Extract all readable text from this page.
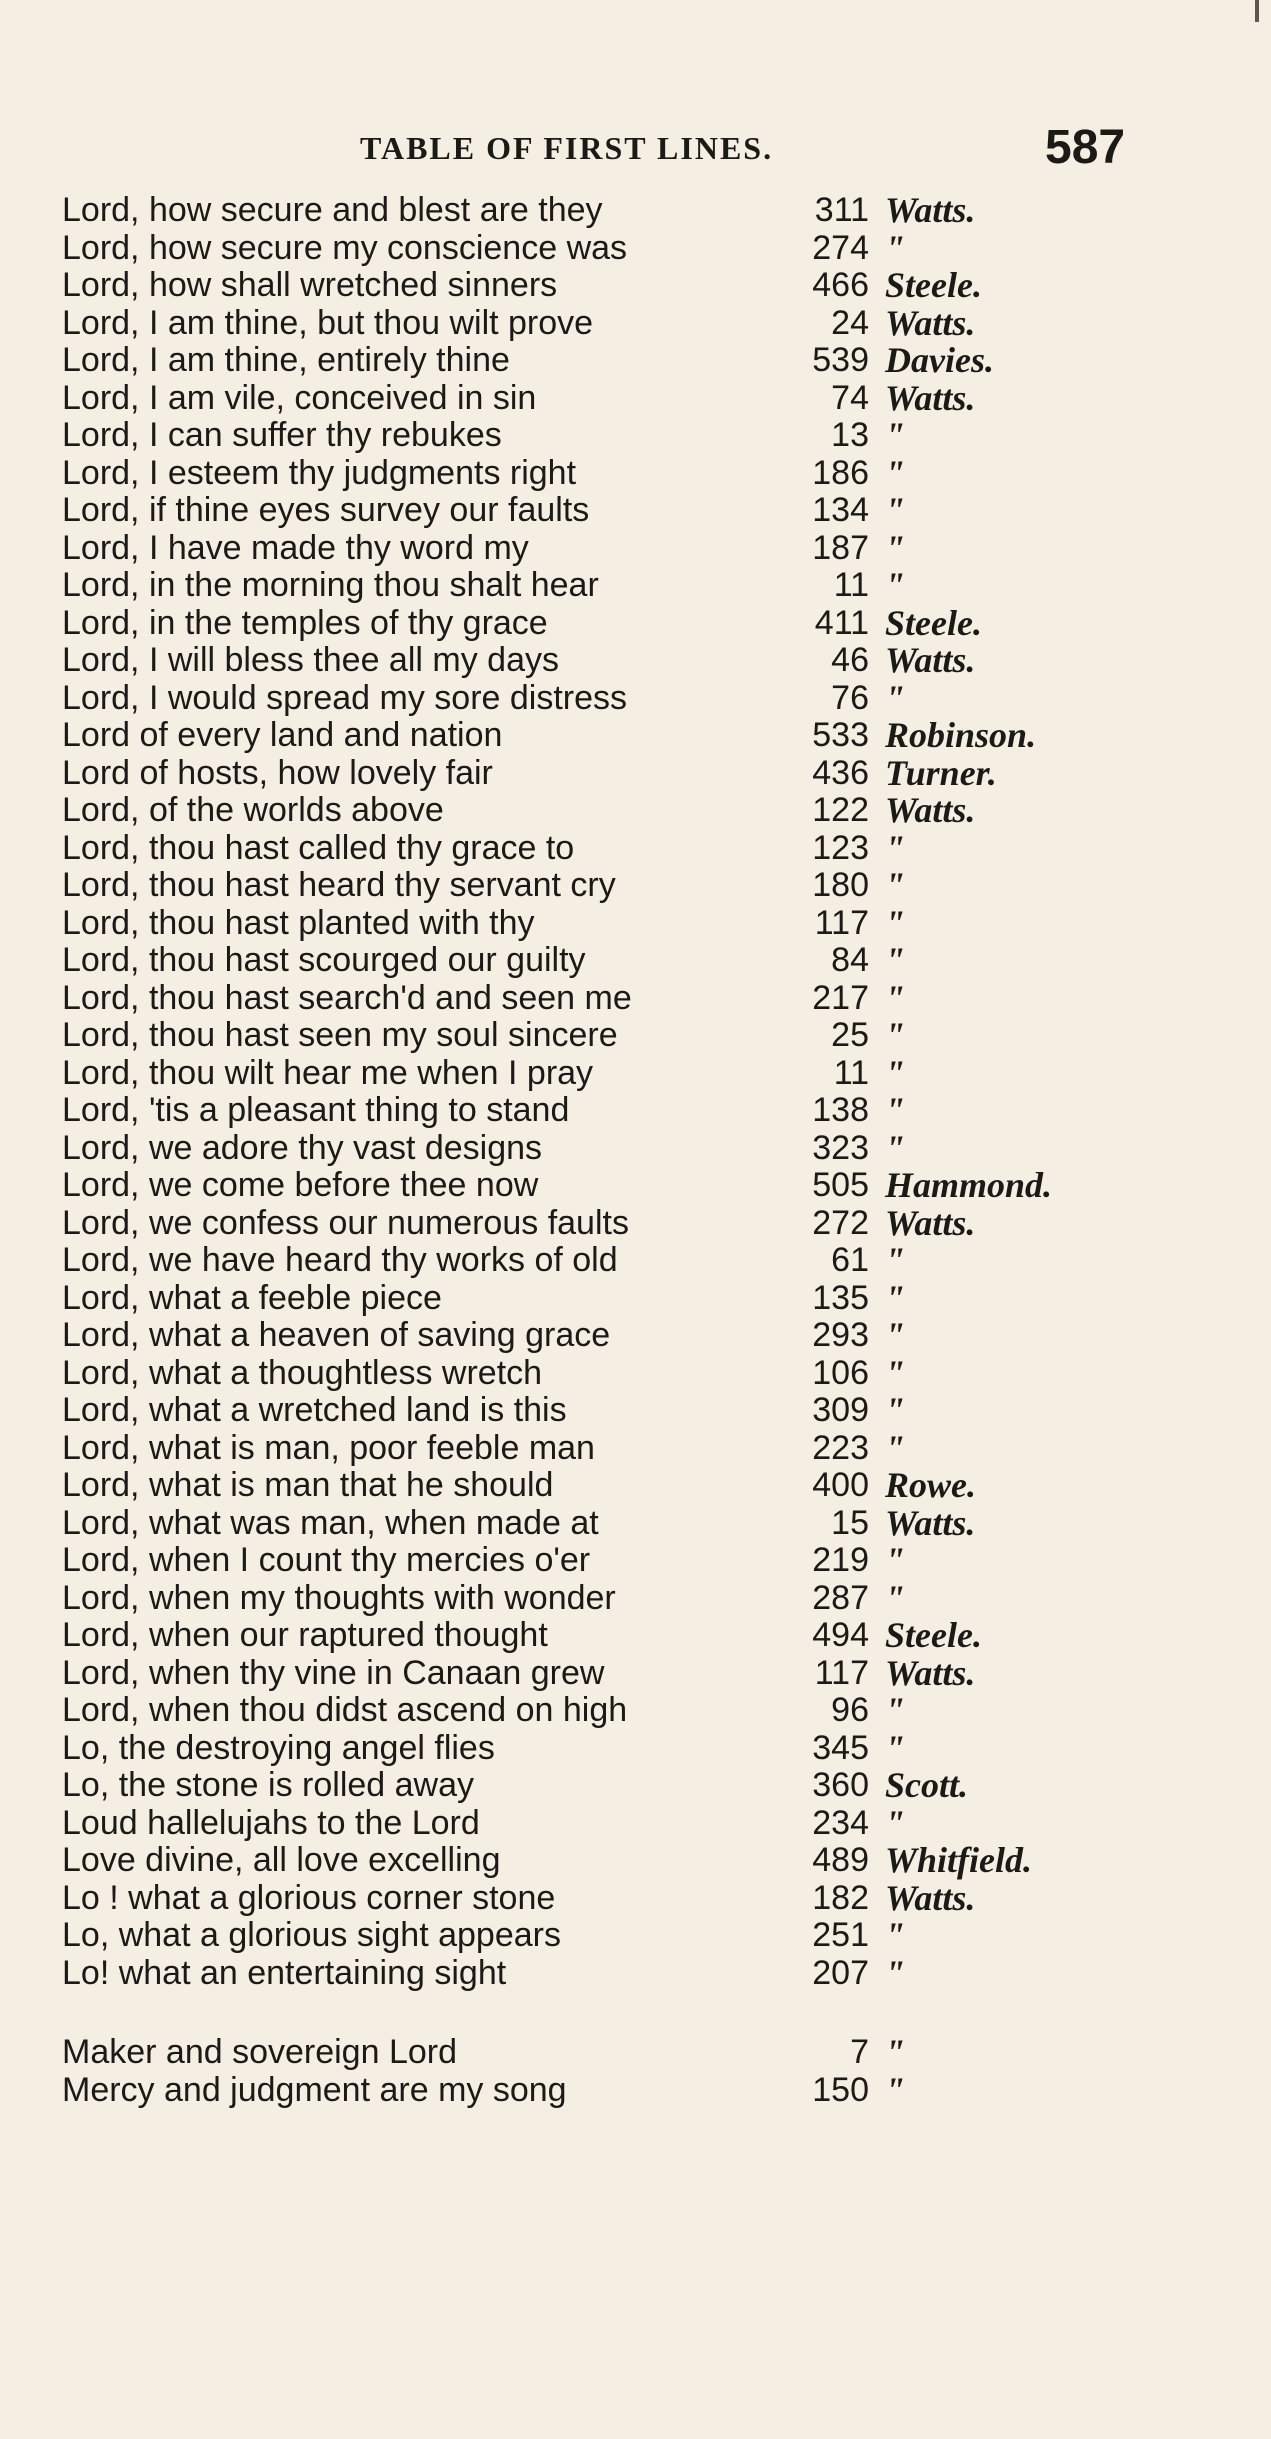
TABLE OF FIRST LINES.	587
Lord, how secure and blest are they	311 Watts.
Lord, how secure my conscience was	274 "
Lord, how shall wretched sinners	466 Steele.
Lord, I am thine, but thou wilt prove	24 Watts.
Lord, I am thine, entirely thine	539 Davies.
Lord, I am vile, conceived in sin	74 Watts.
Lord, I can suffer thy rebukes	13 "
Lord, I esteem thy judgments right	186 "
Lord, if thine eyes survey our faults	134 "
Lord, I have made thy word my	187 "
Lord, in the morning thou shalt hear	11 "
Lord, in the temples of thy grace	411 Steele.
Lord, I will bless thee all my days	46 Watts.
Lord, I would spread my sore distress	76 "
Lord of every land and nation	533 Robinson.
Lord of hosts, how lovely fair	436 Turner.
Lord, of the worlds above	122 Watts.
Lord, thou hast called thy grace to	123 "
Lord, thou hast heard thy servant cry	180 "
Lord, thou hast planted with thy	117 "
Lord, thou hast scourged our guilty	84 "
Lord, thou hast search'd and seen me	217 "
Lord, thou hast seen my soul sincere	25 "
Lord, thou wilt hear me when I pray	11 "
Lord, 'tis a pleasant thing to stand	138 "
Lord, we adore thy vast designs	323 "
Lord, we come before thee now	505 Hammond.
Lord, we confess our numerous faults	272 Watts.
Lord, we have heard thy works of old	61 "
Lord, what a feeble piece	135 "
Lord, what a heaven of saving grace	293 "
Lord, what a thoughtless wretch	106 "
Lord, what a wretched land is this	309 "
Lord, what is man, poor feeble man	223 "
Lord, what is man that he should	400 Rowe.
Lord, what was man, when made at	15 Watts.
Lord, when I count thy mercies o'er	219 "
Lord, when my thoughts with wonder	287 "
Lord, when our raptured thought	494 Steele.
Lord, when thy vine in Canaan grew	117 Watts.
Lord, when thou didst ascend on high	96 "
Lo, the destroying angel flies	345 "
Lo, the stone is rolled away	360 Scott.
Loud hallelujahs to the Lord	234 "
Love divine, all love excelling	489 Whitfield.
Lo ! what a glorious corner stone	182 Watts.
Lo, what a glorious sight appears	251 "
Lo! what an entertaining sight	207 "
Maker and sovereign Lord	7 "
Mercy and judgment are my song	150 "
